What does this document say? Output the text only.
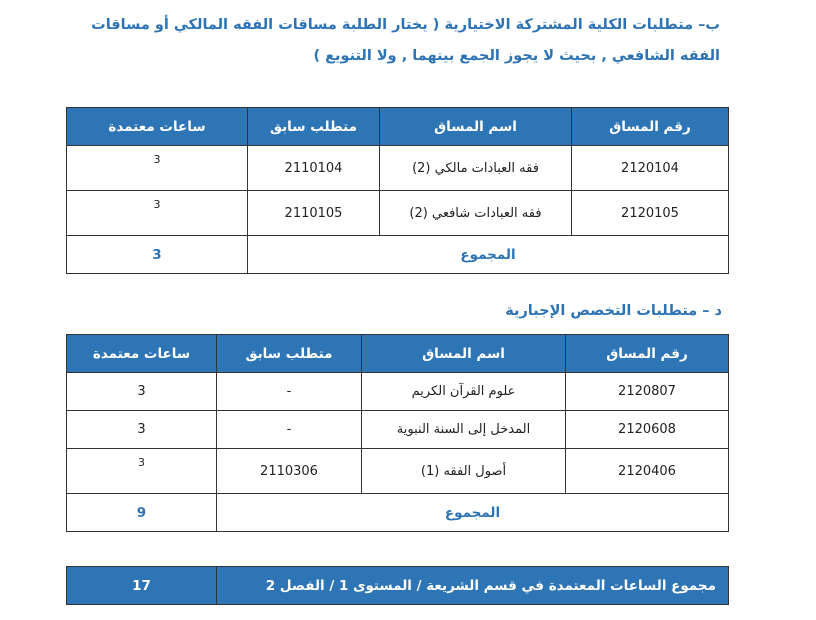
ب– متطلبات الكلية المشتركة الاختيارية ( يختار الطلبة مساقات الفقه المالكي أو مساقات الفقه الشافعي , بحيث لا يجوز الجمع بينهما , ولا التنويع )
رقم المساق	اسم المساق	متطلب سابق	ساعات معتمدة
2120104	فقه العبادات مالكي (2)	2110104	3
2120105	فقه العبادات شافعي (2)	2110105	3
المجموع			3
د – متطلبات التخصص الإجبارية
رقم المساق	اسم المساق	متطلب سابق	ساعات معتمدة
2120807	علوم القرآن الكريم	-	3
2120608	المدخل إلى السنة النبوية	-	3
2120406	أصول الفقه (1)	2110306	3
المجموع			9
مجموع الساعات المعتمدة في قسم الشريعة / المستوى 1 / الفصل 2	17
